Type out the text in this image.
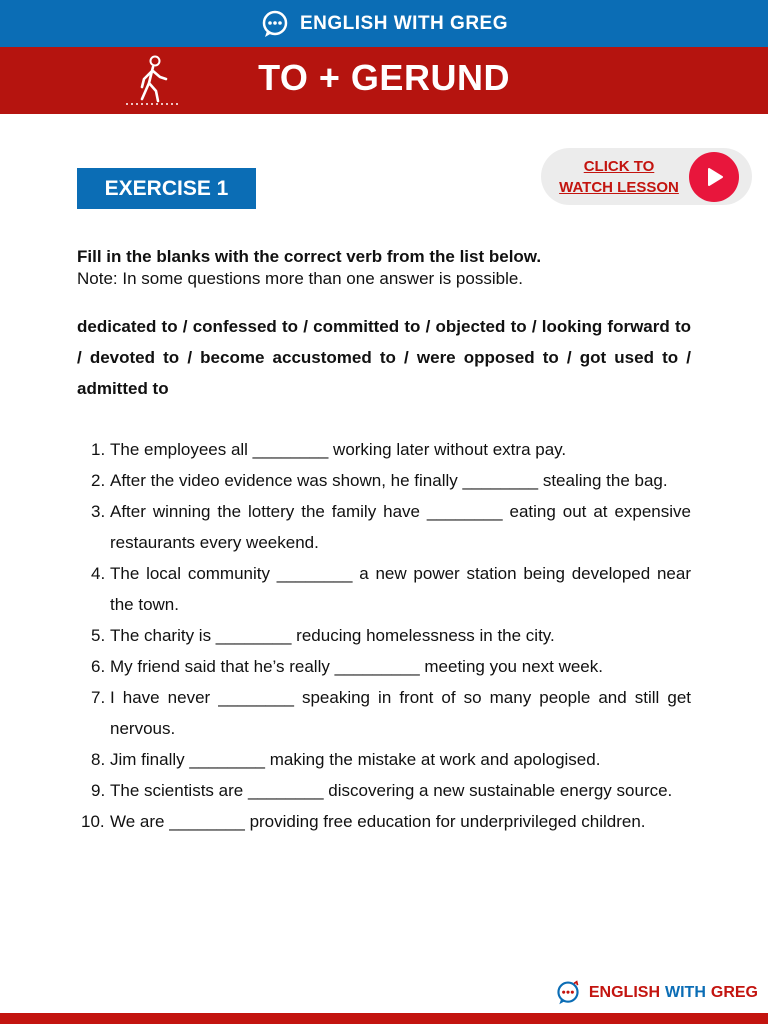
ENGLISH WITH GREG
TO + GERUND
EXERCISE 1
CLICK TO
WATCH LESSON
Fill in the blanks with the correct verb from the list below.
Note: In some questions more than one answer is possible.
dedicated to / confessed to / committed to / objected to / looking forward to / devoted to / become accustomed to / were opposed to / got used to / admitted to
1. The employees all ________ working later without extra pay.
2. After the video evidence was shown, he finally ________ stealing the bag.
3. After winning the lottery the family have ________ eating out at expensive restaurants every weekend.
4. The local community ________ a new power station being developed near the town.
5. The charity is ________ reducing homelessness in the city.
6. My friend said that he’s really _________ meeting you next week.
7. I have never ________ speaking in front of so many people and still get nervous.
8. Jim finally ________ making the mistake at work and apologised.
9. The scientists are ________ discovering a new sustainable energy source.
10. We are ________ providing free education for underprivileged children.
ENGLISH WITH GREG
